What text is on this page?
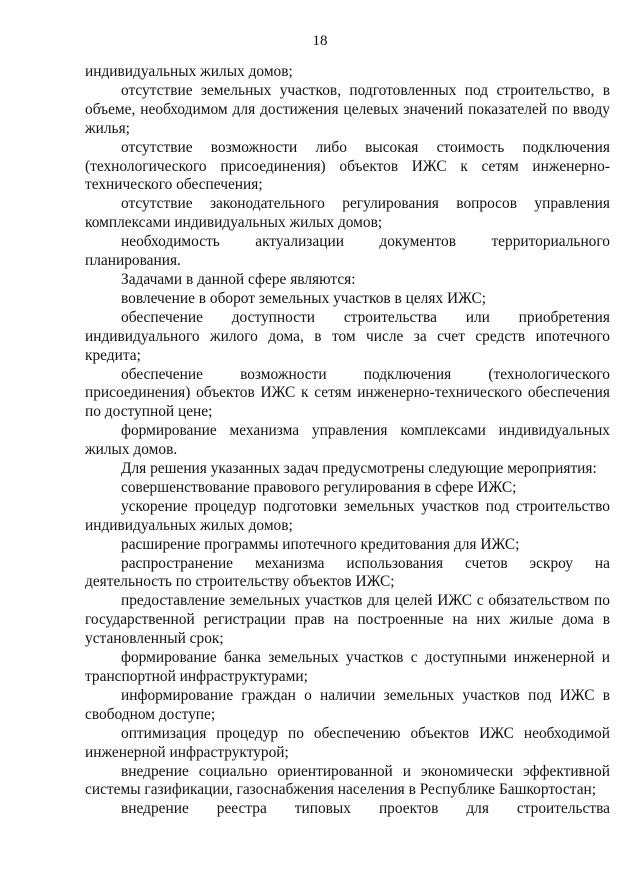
18

индивидуальных жилых домов;

отсутствие земельных участков, подготовленных под строительство, в объеме, необходимом для достижения целевых значений показателей по вводу жилья;

отсутствие возможности либо высокая стоимость подключения (технологического присоединения) объектов ИЖС к сетям инженерно-технического обеспечения;

отсутствие законодательного регулирования вопросов управления комплексами индивидуальных жилых домов;

необходимость актуализации документов территориального планирования.

Задачами в данной сфере являются:

вовлечение в оборот земельных участков в целях ИЖС;

обеспечение доступности строительства или приобретения индивидуального жилого дома, в том числе за счет средств ипотечного кредита;

обеспечение возможности подключения (технологического присоединения) объектов ИЖС к сетям инженерно-технического обеспечения по доступной цене;

формирование механизма управления комплексами индивидуальных жилых домов.

Для решения указанных задач предусмотрены следующие мероприятия:

совершенствование правового регулирования в сфере ИЖС;

ускорение процедур подготовки земельных участков под строительство индивидуальных жилых домов;

расширение программы ипотечного кредитования для ИЖС;

распространение механизма использования счетов эскроу на деятельность по строительству объектов ИЖС;

предоставление земельных участков для целей ИЖС с обязательством по государственной регистрации прав на построенные на них жилые дома в установленный срок;

формирование банка земельных участков с доступными инженерной и транспортной инфраструктурами;

информирование граждан о наличии земельных участков под ИЖС в свободном доступе;

оптимизация процедур по обеспечению объектов ИЖС необходимой инженерной инфраструктурой;

внедрение социально ориентированной и экономически эффективной системы газификации, газоснабжения населения в Республике Башкортостан;

внедрение реестра типовых проектов для строительства
